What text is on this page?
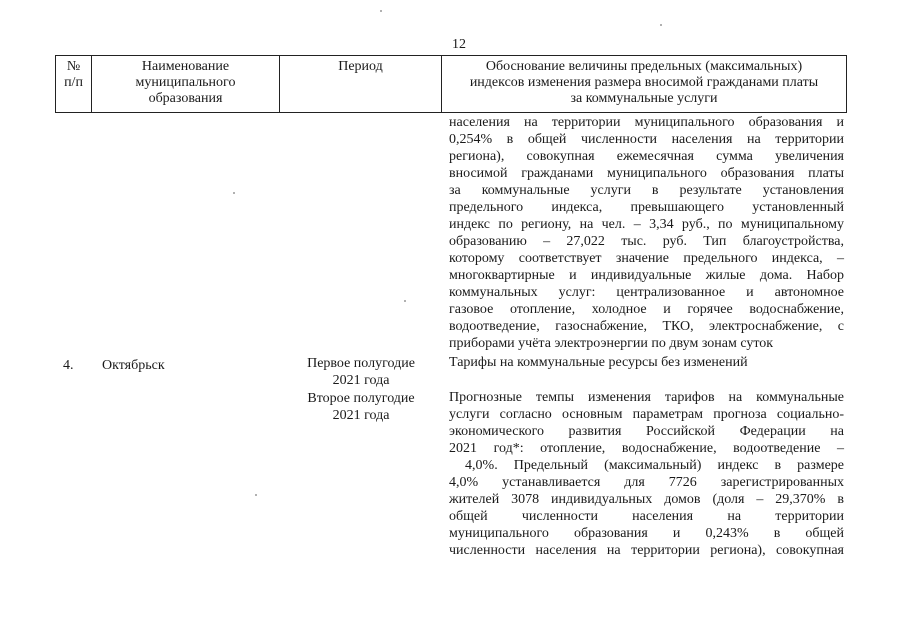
12
№
п/п
Наименование
муниципального
образования
Период	Обоснование величины предельных (максимальных)
индексов изменения размера вносимой гражданами платы
за коммунальные услуги
населения на территории муниципального образования и
0,254% в общей численности населения на территории
региона), совокупная ежемесячная сумма увеличения
вносимой гражданами муниципального образования платы
за коммунальные услуги в результате установления
предельного индекса, превышающего установленный
индекс по региону, на чел. – 3,34 руб., по муниципальному
образованию – 27,022 тыс. руб. Тип благоустройства,
которому соответствует значение предельного индекса, –
многоквартирные и индивидуальные жилые дома. Набор
коммунальных услуг: централизованное и автономное
газовое отопление, холодное и горячее водоснабжение,
водоотведение, газоснабжение, ТКО, электроснабжение, с
приборами учёта электроэнергии по двум зонам суток
4. Октябрьск	Первое полугодие
2021 года
Второе полугодие
2021 года
Тарифы на коммунальные ресурсы без изменений
Прогнозные темпы изменения тарифов на коммунальные
услуги согласно основным параметрам прогноза социально-
экономического развития Российской Федерации на
2021 год*: отопление, водоснабжение, водоотведение –
4,0%. Предельный (максимальный) индекс в размере
4,0% устанавливается для 7726 зарегистрированных
жителей 3078 индивидуальных домов (доля – 29,370% в
общей численности населения на территории
муниципального образования и 0,243% в общей
численности населения на территории региона), совокупная
